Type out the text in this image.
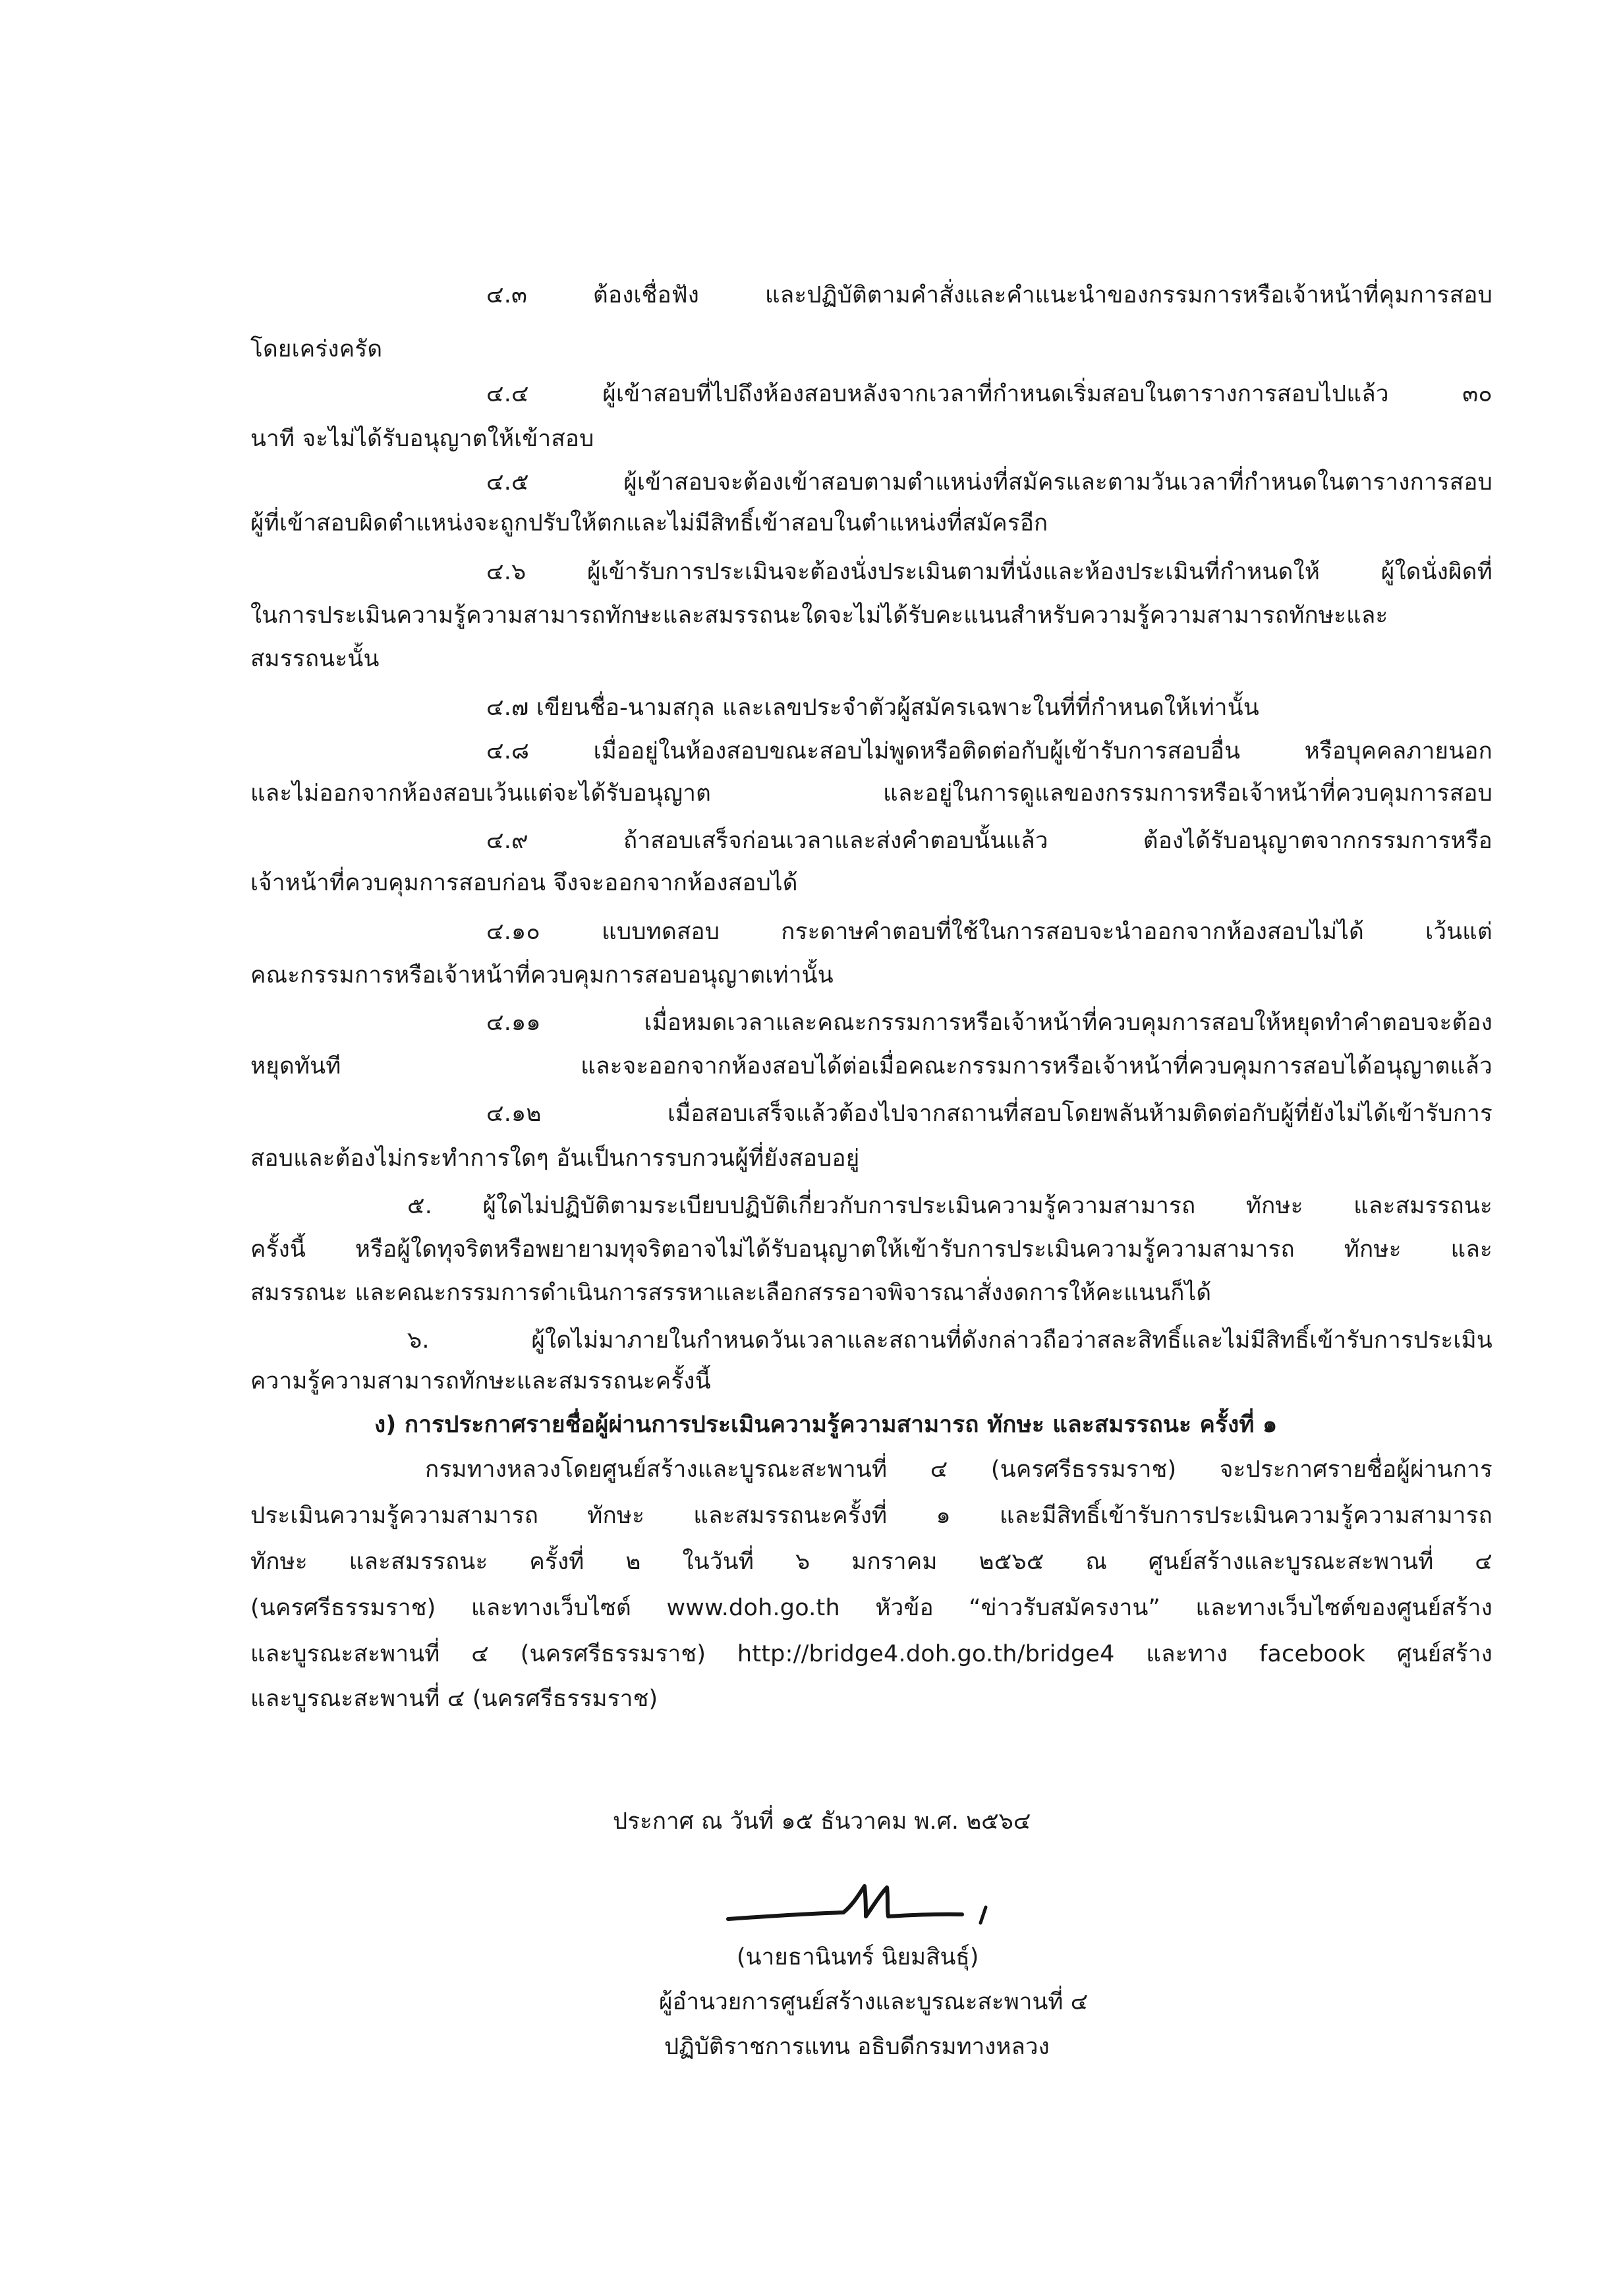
๔.๓ ต้องเชื่อฟัง และปฏิบัติตามคำสั่งและคำแนะนำของกรรมการหรือเจ้าหน้าที่คุมการสอบ
โดยเคร่งครัด
๔.๔ ผู้เข้าสอบที่ไปถึงห้องสอบหลังจากเวลาที่กำหนดเริ่มสอบในตารางการสอบไปแล้ว ๓๐
นาที จะไม่ได้รับอนุญาตให้เข้าสอบ
๔.๕ ผู้เข้าสอบจะต้องเข้าสอบตามตำแหน่งที่สมัครและตามวันเวลาที่กำหนดในตารางการสอบ
ผู้ที่เข้าสอบผิดตำแหน่งจะถูกปรับให้ตกและไม่มีสิทธิ์เข้าสอบในตำแหน่งที่สมัครอีก
๔.๖ ผู้เข้ารับการประเมินจะต้องนั่งประเมินตามที่นั่งและห้องประเมินที่กำหนดให้ ผู้ใดนั่งผิดที่
ในการประเมินความรู้ความสามารถทักษะและสมรรถนะใดจะไม่ได้รับคะแนนสำหรับความรู้ความสามารถทักษะและ
สมรรถนะนั้น
๔.๗ เขียนชื่อ-นามสกุล และเลขประจำตัวผู้สมัครเฉพาะในที่ที่กำหนดให้เท่านั้น
๔.๘ เมื่ออยู่ในห้องสอบขณะสอบไม่พูดหรือติดต่อกับผู้เข้ารับการสอบอื่น หรือบุคคลภายนอก
และไม่ออกจากห้องสอบเว้นแต่จะได้รับอนุญาต และอยู่ในการดูแลของกรรมการหรือเจ้าหน้าที่ควบคุมการสอบ
๔.๙ ถ้าสอบเสร็จก่อนเวลาและส่งคำตอบนั้นแล้ว ต้องได้รับอนุญาตจากกรรมการหรือ
เจ้าหน้าที่ควบคุมการสอบก่อน จึงจะออกจากห้องสอบได้
๔.๑๐ แบบทดสอบ กระดาษคำตอบที่ใช้ในการสอบจะนำออกจากห้องสอบไม่ได้ เว้นแต่
คณะกรรมการหรือเจ้าหน้าที่ควบคุมการสอบอนุญาตเท่านั้น
๔.๑๑ เมื่อหมดเวลาและคณะกรรมการหรือเจ้าหน้าที่ควบคุมการสอบให้หยุดทำคำตอบจะต้อง
หยุดทันที และจะออกจากห้องสอบได้ต่อเมื่อคณะกรรมการหรือเจ้าหน้าที่ควบคุมการสอบได้อนุญาตแล้ว
๔.๑๒ เมื่อสอบเสร็จแล้วต้องไปจากสถานที่สอบโดยพลันห้ามติดต่อกับผู้ที่ยังไม่ได้เข้ารับการ
สอบและต้องไม่กระทำการใดๆ อันเป็นการรบกวนผู้ที่ยังสอบอยู่
๕. ผู้ใดไม่ปฏิบัติตามระเบียบปฏิบัติเกี่ยวกับการประเมินความรู้ความสามารถ ทักษะ และสมรรถนะ
ครั้งนี้ หรือผู้ใดทุจริตหรือพยายามทุจริตอาจไม่ได้รับอนุญาตให้เข้ารับการประเมินความรู้ความสามารถ ทักษะ และ
สมรรถนะ และคณะกรรมการดำเนินการสรรหาและเลือกสรรอาจพิจารณาสั่งงดการให้คะแนนก็ได้
๖. ผู้ใดไม่มาภายในกำหนดวันเวลาและสถานที่ดังกล่าวถือว่าสละสิทธิ์และไม่มีสิทธิ์เข้ารับการประเมิน
ความรู้ความสามารถทักษะและสมรรถนะครั้งนี้
ง) การประกาศรายชื่อผู้ผ่านการประเมินความรู้ความสามารถ ทักษะ และสมรรถนะ ครั้งที่ ๑
กรมทางหลวงโดยศูนย์สร้างและบูรณะสะพานที่ ๔ (นครศรีธรรมราช) จะประกาศรายชื่อผู้ผ่านการ
ประเมินความรู้ความสามารถ ทักษะ และสมรรถนะครั้งที่ ๑ และมีสิทธิ์เข้ารับการประเมินความรู้ความสามารถ
ทักษะ และสมรรถนะ ครั้งที่ ๒ ในวันที่ ๖ มกราคม ๒๕๖๕ ณ ศูนย์สร้างและบูรณะสะพานที่ ๔
(นครศรีธรรมราช) และทางเว็บไซต์ www.doh.go.th หัวข้อ “ข่าวรับสมัครงาน” และทางเว็บไซต์ของศูนย์สร้าง
และบูรณะสะพานที่ ๔ (นครศรีธรรมราช) http://bridge4.doh.go.th/bridge4 และทาง facebook ศูนย์สร้าง
และบูรณะสะพานที่ ๔ (นครศรีธรรมราช)
ประกาศ ณ วันที่ ๑๕ ธันวาคม พ.ศ. ๒๕๖๔
(นายธานินทร์ นิยมสินธุ์)
ผู้อำนวยการศูนย์สร้างและบูรณะสะพานที่ ๔
ปฏิบัติราชการแทน อธิบดีกรมทางหลวง
